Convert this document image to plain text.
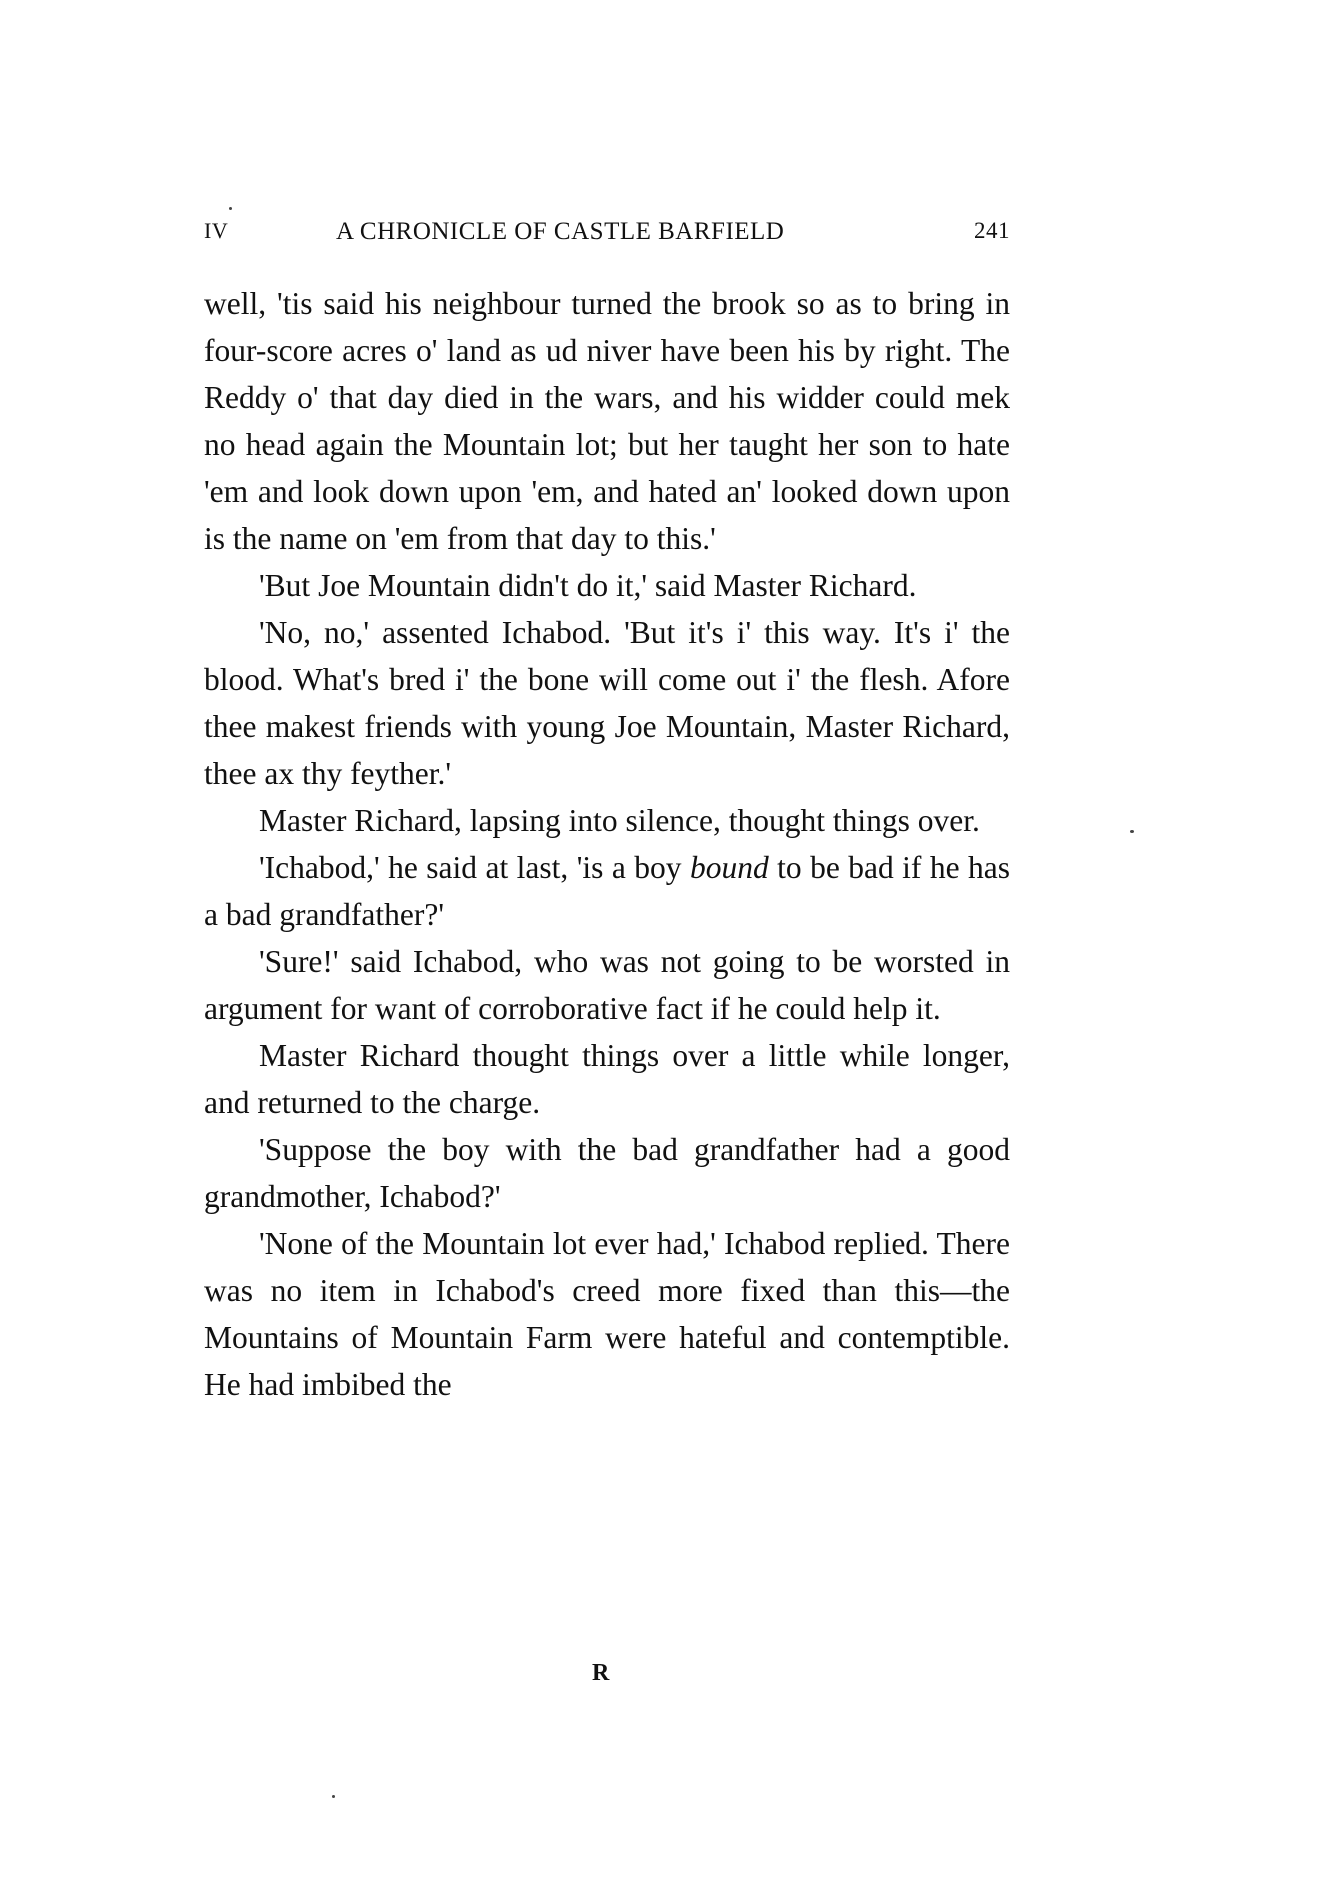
IV	A CHRONICLE OF CASTLE BARFIELD	241

well, 'tis said his neighbour turned the brook so as to bring in four-score acres o' land as ud niver have been his by right. The Reddy o' that day died in the wars, and his widder could mek no head again the Mountain lot; but her taught her son to hate 'em and look down upon 'em, and hated an' looked down upon is the name on 'em from that day to this.'

'But Joe Mountain didn't do it,' said Master Richard.

'No, no,' assented Ichabod. 'But it's i' this way. It's i' the blood. What's bred i' the bone will come out i' the flesh. Afore thee makest friends with young Joe Mountain, Master Richard, thee ax thy feyther.'

Master Richard, lapsing into silence, thought things over.

'Ichabod,' he said at last, 'is a boy bound to be bad if he has a bad grandfather?'

'Sure!' said Ichabod, who was not going to be worsted in argument for want of corroborative fact if he could help it.

Master Richard thought things over a little while longer, and returned to the charge.

'Suppose the boy with the bad grandfather had a good grandmother, Ichabod?'

'None of the Mountain lot ever had,' Ichabod replied. There was no item in Ichabod's creed more fixed than this—the Mountains of Mountain Farm were hateful and contemptible. He had imbibed the

R
